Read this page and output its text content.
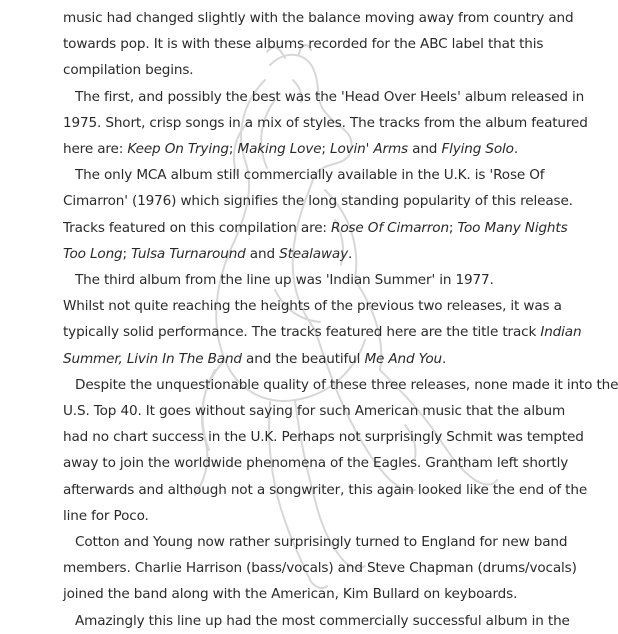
music had changed slightly with the balance moving away from country and
towards pop. It is with these albums recorded for the ABC label that this
compilation begins.

The first, and possibly the best was the 'Head Over Heels' album released in
1975. Short, crisp songs in a mix of styles. The tracks from the album featured
here are: Keep On Trying; Making Love; Lovin' Arms and Flying Solo.

The only MCA album still commercially available in the U.K. is 'Rose Of
Cimarron' (1976) which signifies the long standing popularity of this release.
Tracks featured on this compilation are: Rose Of Cimarron; Too Many Nights
Too Long; Tulsa Turnaround and Stealaway.

The third album from the line up was 'Indian Summer' in 1977.
Whilst not quite reaching the heights of the previous two releases, it was a
typically solid performance. The tracks featured here are the title track Indian
Summer, Livin In The Band and the beautiful Me And You.

Despite the unquestionable quality of these three releases, none made it into the
U.S. Top 40. It goes without saying for such American music that the album
had no chart success in the U.K. Perhaps not surprisingly Schmit was tempted
away to join the worldwide phenomena of the Eagles. Grantham left shortly
afterwards and although not a songwriter, this again looked like the end of the
line for Poco.

Cotton and Young now rather surprisingly turned to England for new band
members. Charlie Harrison (bass/vocals) and Steve Chapman (drums/vocals)
joined the band along with the American, Kim Bullard on keyboards.

Amazingly this line up had the most commercially successful album in the
